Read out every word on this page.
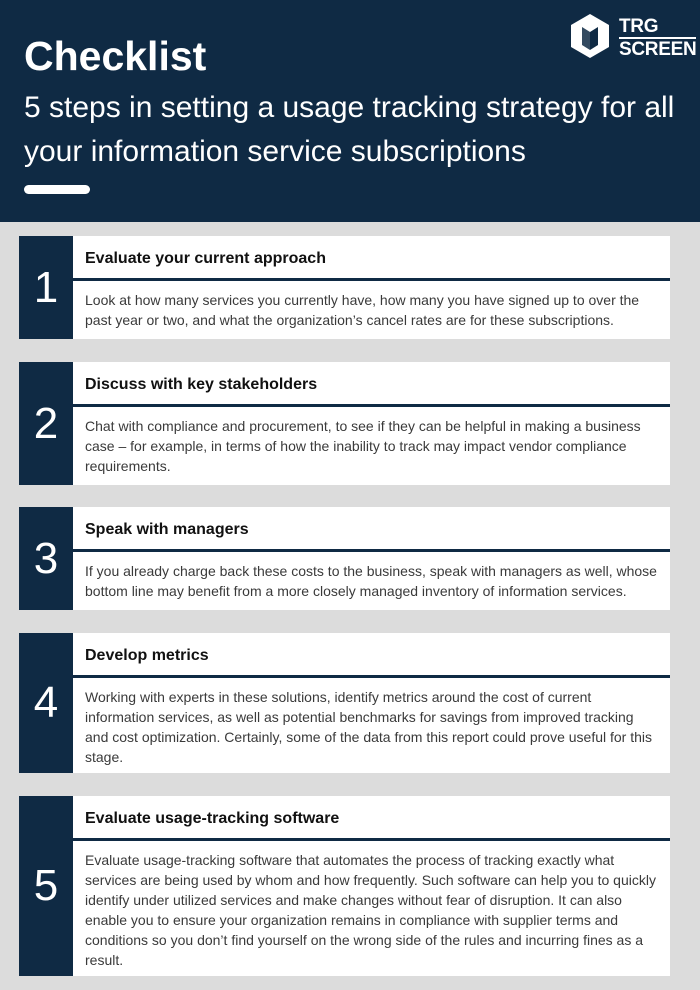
Checklist
5 steps in setting a usage tracking strategy for all your information service subscriptions
TRG
SCREEN
1
Evaluate your current approach

Look at how many services you currently have, how many you have signed up to over the past year or two, and what the organization’s cancel rates are for these subscriptions.

2
Discuss with key stakeholders

Chat with compliance and procurement, to see if they can be helpful in making a business case – for example, in terms of how the inability to track may impact vendor compliance requirements.

3
Speak with managers

If you already charge back these costs to the business, speak with managers as well, whose bottom line may benefit from a more closely managed inventory of information services.

4
Develop metrics

Working with experts in these solutions, identify metrics around the cost of current information services, as well as potential benchmarks for savings from improved tracking and cost optimization. Certainly, some of the data from this report could prove useful for this stage.

5
Evaluate usage-tracking software

Evaluate usage-tracking software that automates the process of tracking exactly what services are being used by whom and how frequently. Such software can help you to quickly identify under utilized services and make changes without fear of disruption. It can also enable you to ensure your organization remains in compliance with supplier terms and conditions so you don’t find yourself on the wrong side of the rules and incurring fines as a result.
